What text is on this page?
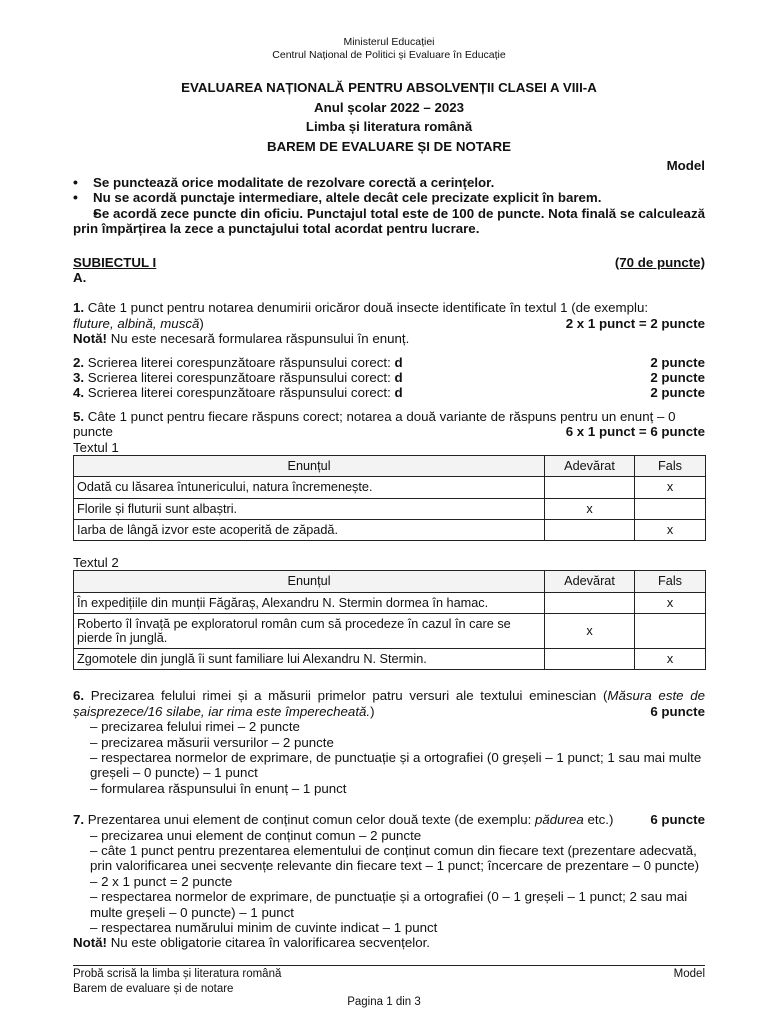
Ministerul Educației
Centrul Național de Politici și Evaluare în Educație
EVALUAREA NAȚIONALĂ PENTRU ABSOLVENȚII CLASEI A VIII-A
Anul școlar 2022 – 2023
Limba și literatura română
BAREM DE EVALUARE ȘI DE NOTARE
Model
• Se punctează orice modalitate de rezolvare corectă a cerințelor.
• Nu se acordă punctaje intermediare, altele decât cele precizate explicit în barem.
• Se acordă zece puncte din oficiu. Punctajul total este de 100 de puncte. Nota finală se calculează prin împărțirea la zece a punctajului total acordat pentru lucrare.
SUBIECTUL I	(70 de puncte)
A.
1. Câte 1 punct pentru notarea denumirii oricăror două insecte identificate în textul 1 (de exemplu:
fluture, albină, muscă)	2 x 1 punct = 2 puncte
Notă! Nu este necesară formularea răspunsului în enunț.
2. Scrierea literei corespunzătoare răspunsului corect: d	2 puncte
3. Scrierea literei corespunzătoare răspunsului corect: d	2 puncte
4. Scrierea literei corespunzătoare răspunsului corect: d	2 puncte
5. Câte 1 punct pentru fiecare răspuns corect; notarea a două variante de răspuns pentru un enunț – 0
puncte	6 x 1 punct = 6 puncte
Textul 1
Enunțul	Adevărat	Fals
Odată cu lăsarea întunericului, natura încremenește.		x
Florile și fluturii sunt albaștri.	x	
Iarba de lângă izvor este acoperită de zăpadă.		x
Textul 2
Enunțul	Adevărat	Fals
În expedițiile din munții Făgăraș, Alexandru N. Stermin dormea în hamac.		x
Roberto îl învață pe exploratorul român cum să procedeze în cazul în care se pierde în junglă.	x	
Zgomotele din junglă îi sunt familiare lui Alexandru N. Stermin.		x
6. Precizarea felului rimei și a măsurii primelor patru versuri ale textului eminescian (Măsura este de șaisprezece/16 silabe, iar rima este împerecheată.)	6 puncte
– precizarea felului rimei – 2 puncte
– precizarea măsurii versurilor – 2 puncte
– respectarea normelor de exprimare, de punctuație și a ortografiei (0 greșeli – 1 punct; 1 sau mai multe greșeli – 0 puncte) – 1 punct
– formularea răspunsului în enunț – 1 punct
7. Prezentarea unui element de conținut comun celor două texte (de exemplu: pădurea etc.)	6 puncte
– precizarea unui element de conținut comun – 2 puncte
– câte 1 punct pentru prezentarea elementului de conținut comun din fiecare text (prezentare adecvată, prin valorificarea unei secvențe relevante din fiecare text – 1 punct; încercare de prezentare – 0 puncte) – 2 x 1 punct = 2 puncte
– respectarea normelor de exprimare, de punctuație și a ortografiei (0 – 1 greșeli – 1 punct; 2 sau mai multe greșeli – 0 puncte) – 1 punct
– respectarea numărului minim de cuvinte indicat – 1 punct
Notă! Nu este obligatorie citarea în valorificarea secvențelor.
Probă scrisă la limba și literatura română	Model
Barem de evaluare și de notare
Pagina 1 din 3
